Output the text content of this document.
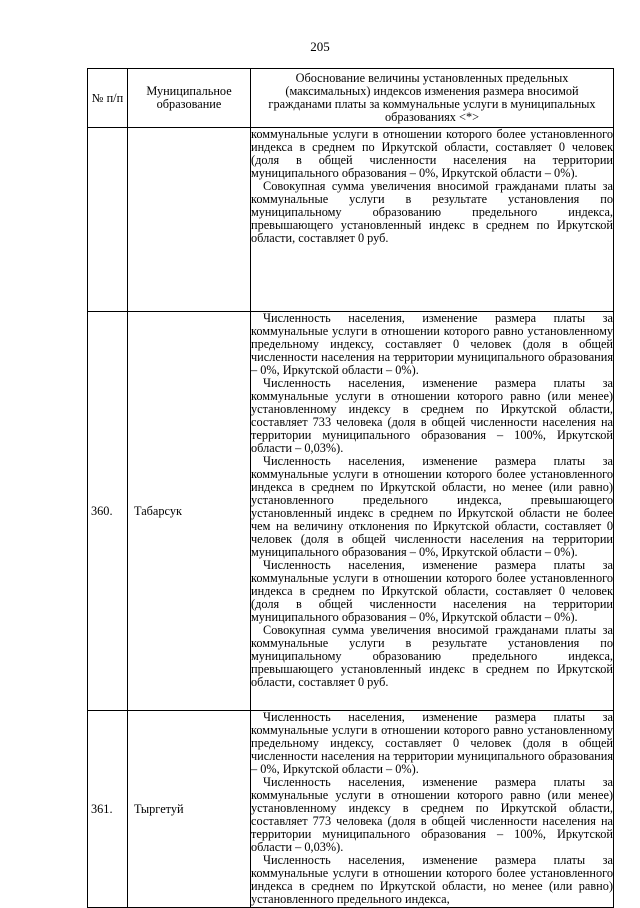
205
№ п/п	Муниципальное образование	Обоснование величины установленных предельных (максимальных) индексов изменения размера вносимой гражданами платы за коммунальные услуги в муниципальных образованиях <*>

		коммунальные услуги в отношении которого более установленного индекса в среднем по Иркутской области, составляет 0 человек (доля в общей численности населения на территории муниципального образования – 0%, Иркутской области – 0%).

Совокупная сумма увеличения вносимой гражданами платы за коммунальные услуги в результате установления по муниципальному образованию предельного индекса, превышающего установленный индекс в среднем по Иркутской области, составляет 0 руб.

360.	Табарсук	Численность населения, изменение размера платы за коммунальные услуги в отношении которого равно установленному предельному индексу, составляет 0 человек (доля в общей численности населения на территории муниципального образования – 0%, Иркутской области – 0%).

Численность населения, изменение размера платы за коммунальные услуги в отношении которого равно (или менее) установленному индексу в среднем по Иркутской области, составляет 733 человека (доля в общей численности населения на территории муниципального образования – 100%, Иркутской области – 0,03%).

Численность населения, изменение размера платы за коммунальные услуги в отношении которого более установленного индекса в среднем по Иркутской области, но менее (или равно) установленного предельного индекса, превышающего установленный индекс в среднем по Иркутской области не более чем на величину отклонения по Иркутской области, составляет 0 человек (доля в общей численности населения на территории муниципального образования – 0%, Иркутской области – 0%).

Численность населения, изменение размера платы за коммунальные услуги в отношении которого более установленного индекса в среднем по Иркутской области, составляет 0 человек (доля в общей численности населения на территории муниципального образования – 0%, Иркутской области – 0%).

Совокупная сумма увеличения вносимой гражданами платы за коммунальные услуги в результате установления по муниципальному образованию предельного индекса, превышающего установленный индекс в среднем по Иркутской области, составляет 0 руб.

361.	Тыргетуй	Численность населения, изменение размера платы за коммунальные услуги в отношении которого равно установленному предельному индексу, составляет 0 человек (доля в общей численности населения на территории муниципального образования – 0%, Иркутской области – 0%).

Численность населения, изменение размера платы за коммунальные услуги в отношении которого равно (или менее) установленному индексу в среднем по Иркутской области, составляет 773 человека (доля в общей численности населения на территории муниципального образования – 100%, Иркутской области – 0,03%).

Численность населения, изменение размера платы за коммунальные услуги в отношении которого более установленного индекса в среднем по Иркутской области, но менее (или равно) установленного предельного индекса,
